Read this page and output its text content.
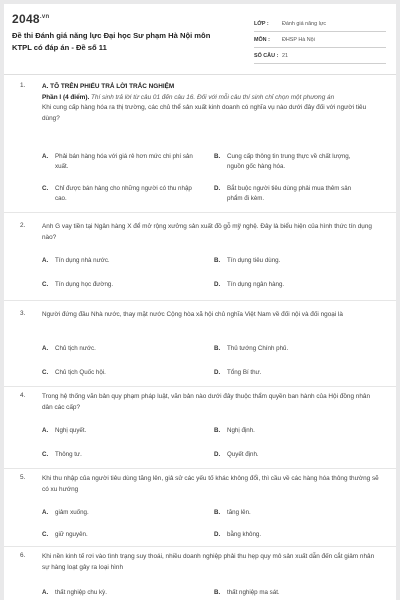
$2048^{.vn}$
Đề thi Đánh giá năng lực Đại học Sư phạm Hà Nội môn KTPL có đáp án - Đề số 11
LỚP :	Đánh giá năng lực
MÔN :	ĐHSP Hà Nội
SỐ CÂU : 21
1.	A. TÔ TRÊN PHIẾU TRẢ LỜI TRẮC NGHIỆM
Phần I (4 điểm). Thí sinh trả lời từ câu 01 đến câu 16. Đối với mỗi câu thí sinh chỉ chọn một phương án
Khi cung cấp hàng hóa ra thị trường, các chủ thể sản xuất kinh doanh có nghĩa vụ nào dưới đây đối với người tiêu dùng?
A. Phải bán hàng hóa với giá rẻ hơn mức chi phí sản xuất.
B. Cung cấp thông tin trung thực về chất lượng, nguồn gốc hàng hóa.
C. Chỉ được bán hàng cho những người có thu nhập cao.
D. Bắt buộc người tiêu dùng phải mua thêm sản phẩm đi kèm.
2.	Anh G vay tiền tại Ngân hàng X để mở rộng xưởng sản xuất đồ gỗ mỹ nghệ. Đây là biểu hiện của hình thức tín dụng nào?
A. Tín dụng nhà nước.	B. Tín dụng tiêu dùng.
C. Tín dụng học đường.	D. Tín dụng ngân hàng.
3.	Người đứng đầu Nhà nước, thay mặt nước Cộng hòa xã hội chủ nghĩa Việt Nam về đối nội và đối ngoại là
A. Chủ tịch nước.	B. Thủ tướng Chính phủ.
C. Chủ tịch Quốc hội.	D. Tổng Bí thư.
4.	Trong hệ thống văn bản quy phạm pháp luật, văn bản nào dưới đây thuộc thẩm quyền ban hành của Hội đồng nhân dân các cấp?
A. Nghị quyết.	B. Nghị định.
C. Thông tư.	D. Quyết định.
5.	Khi thu nhập của người tiêu dùng tăng lên, giả sử các yếu tố khác không đổi, thì cầu về các hàng hóa thông thường sẽ có xu hướng
A. giảm xuống.	B. tăng lên.
C. giữ nguyên.	D. bằng không.
6.	Khi nền kinh tế rơi vào tình trạng suy thoái, nhiều doanh nghiệp phải thu hẹp quy mô sản xuất dẫn đến cắt giảm nhân sự hàng loạt gây ra loại hình
A. thất nghiệp chu kỳ.	B. thất nghiệp ma sát.
